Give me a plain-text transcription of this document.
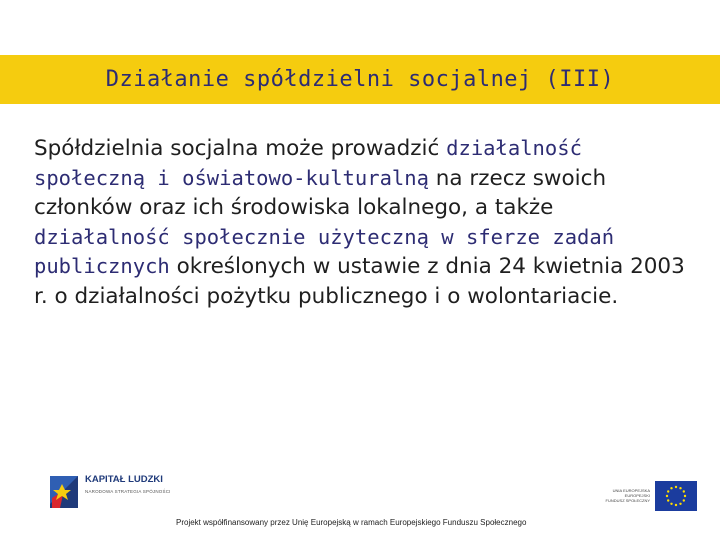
Działanie spółdzielni socjalnej (III)
Spółdzielnia socjalna może prowadzić działalność społeczną i oświatowo-kulturalną na rzecz swoich członków oraz ich środowiska lokalnego, a także działalność społecznie użyteczną w sferze zadań publicznych określonych w ustawie z dnia 24 kwietnia 2003 r. o działalności pożytku publicznego i o wolontariacie.
KAPITAŁ LUDZKI
NARODOWA STRATEGIA SPÓJNOŚCI	UNIA EUROPEJSKA
EUROPEJSKI
FUNDUSZ SPOŁECZNY
Projekt współfinansowany przez Unię Europejską w ramach Europejskiego Funduszu Społecznego
